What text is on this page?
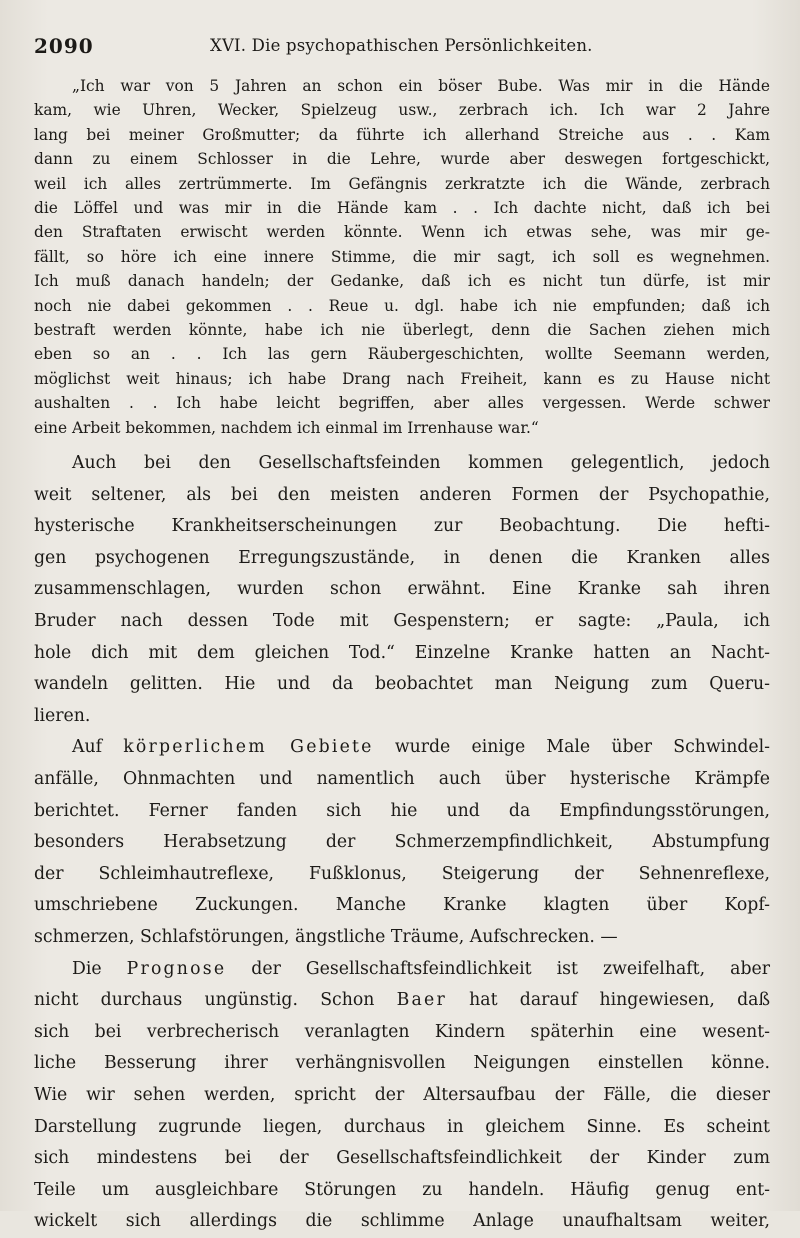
2090	XVI. Die psychopathischen Persönlichkeiten.
„Ich war von 5 Jahren an schon ein böser Bube. Was mir in die Hände
kam, wie Uhren, Wecker, Spielzeug usw., zerbrach ich. Ich war 2 Jahre
lang bei meiner Großmutter; da führte ich allerhand Streiche aus . . Kam
dann zu einem Schlosser in die Lehre, wurde aber deswegen fortgeschickt,
weil ich alles zertrümmerte. Im Gefängnis zerkratzte ich die Wände, zerbrach
die Löffel und was mir in die Hände kam . . Ich dachte nicht, daß ich bei
den Straftaten erwischt werden könnte. Wenn ich etwas sehe, was mir ge-
fällt, so höre ich eine innere Stimme, die mir sagt, ich soll es wegnehmen.
Ich muß danach handeln; der Gedanke, daß ich es nicht tun dürfe, ist mir
noch nie dabei gekommen . . Reue u. dgl. habe ich nie empfunden; daß ich
bestraft werden könnte, habe ich nie überlegt, denn die Sachen ziehen mich
eben so an . . Ich las gern Räubergeschichten, wollte Seemann werden,
möglichst weit hinaus; ich habe Drang nach Freiheit, kann es zu Hause nicht
aushalten . . Ich habe leicht begriffen, aber alles vergessen. Werde schwer
eine Arbeit bekommen, nachdem ich einmal im Irrenhause war.“
Auch bei den Gesellschaftsfeinden kommen gelegentlich, jedoch
weit seltener, als bei den meisten anderen Formen der Psychopathie,
hysterische Krankheitserscheinungen zur Beobachtung. Die hefti-
gen psychogenen Erregungszustände, in denen die Kranken alles
zusammenschlagen, wurden schon erwähnt. Eine Kranke sah ihren
Bruder nach dessen Tode mit Gespenstern; er sagte: „Paula, ich
hole dich mit dem gleichen Tod.“ Einzelne Kranke hatten an Nacht-
wandeln gelitten. Hie und da beobachtet man Neigung zum Queru-
lieren.
Auf körperlichem Gebiete wurde einige Male über Schwindel-
anfälle, Ohnmachten und namentlich auch über hysterische Krämpfe
berichtet. Ferner fanden sich hie und da Empfindungsstörungen,
besonders Herabsetzung der Schmerzempfindlichkeit, Abstumpfung
der Schleimhautreflexe, Fußklonus, Steigerung der Sehnenreflexe,
umschriebene Zuckungen. Manche Kranke klagten über Kopf-
schmerzen, Schlafstörungen, ängstliche Träume, Aufschrecken. —
Die Prognose der Gesellschaftsfeindlichkeit ist zweifelhaft, aber
nicht durchaus ungünstig. Schon Baer hat darauf hingewiesen, daß
sich bei verbrecherisch veranlagten Kindern späterhin eine wesent-
liche Besserung ihrer verhängnisvollen Neigungen einstellen könne.
Wie wir sehen werden, spricht der Altersaufbau der Fälle, die dieser
Darstellung zugrunde liegen, durchaus in gleichem Sinne. Es scheint
sich mindestens bei der Gesellschaftsfeindlichkeit der Kinder zum
Teile um ausgleichbare Störungen zu handeln. Häufig genug ent-
wickelt sich allerdings die schlimme Anlage unaufhaltsam weiter,
